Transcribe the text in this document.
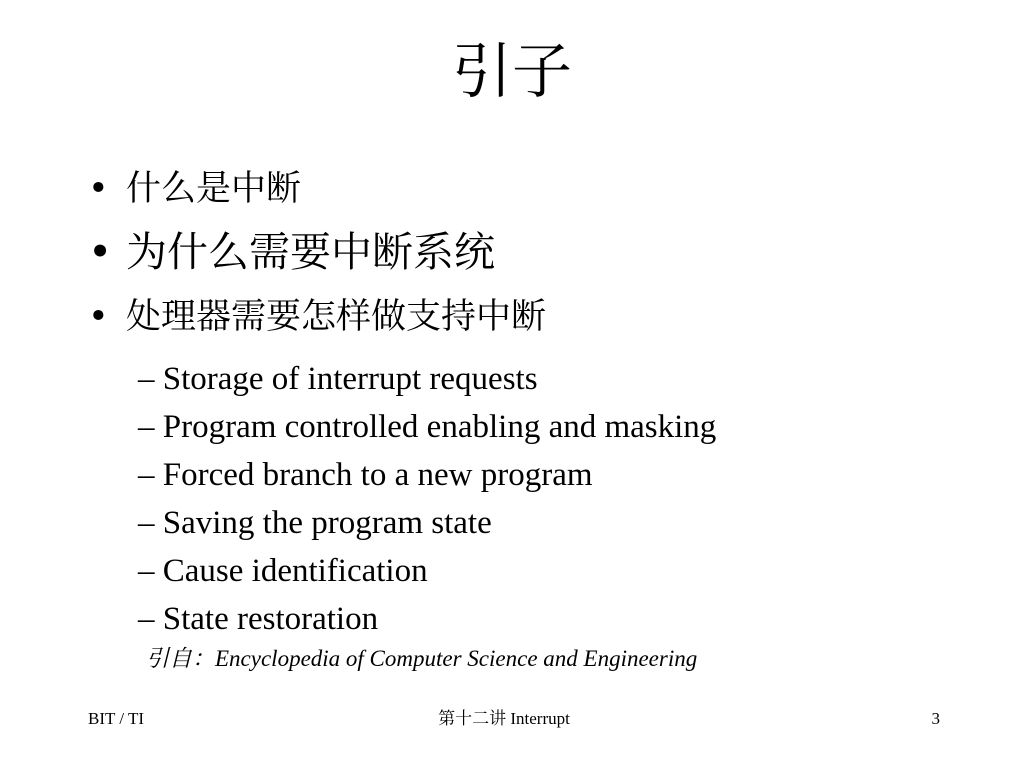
引子
• 什么是中断
• 为什么需要中断系统
• 处理器需要怎样做支持中断
– Storage of interrupt requests
– Program controlled enabling and masking
– Forced branch to a new program
– Saving the program state
– Cause identification
– State restoration
引自：Encyclopedia of Computer Science and Engineering
BIT / TI	第十二讲 Interrupt	3
